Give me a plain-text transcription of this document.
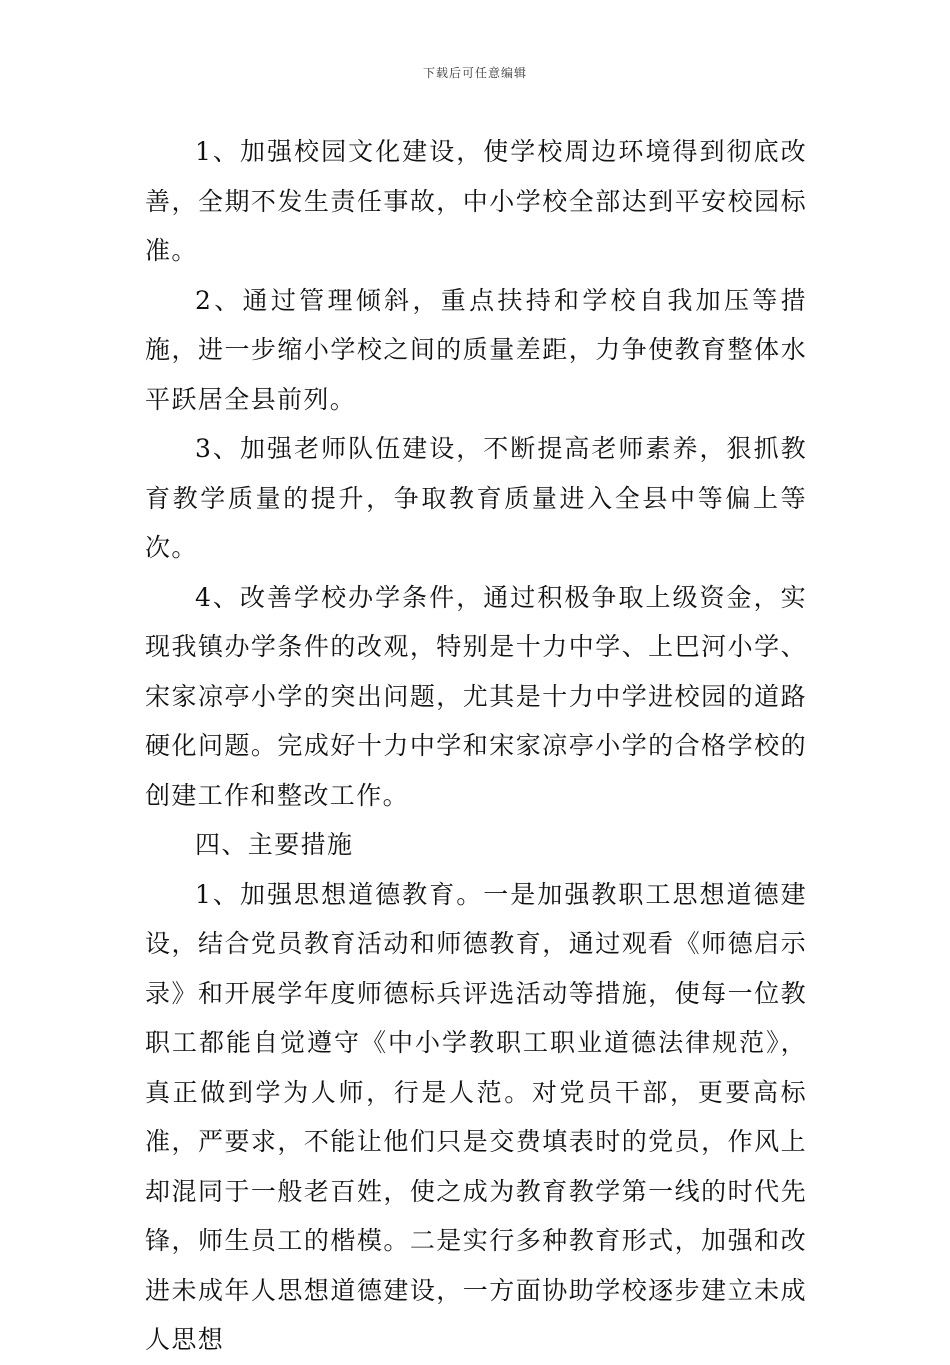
下载后可任意编辑

1、加强校园文化建设，使学校周边环境得到彻底改善，全期不发生责任事故，中小学校全部达到平安校园标准。

2、通过管理倾斜，重点扶持和学校自我加压等措施，进一步缩小学校之间的质量差距，力争使教育整体水平跃居全县前列。

3、加强老师队伍建设，不断提高老师素养，狠抓教育教学质量的提升，争取教育质量进入全县中等偏上等次。

4、改善学校办学条件，通过积极争取上级资金，实现我镇办学条件的改观，特别是十力中学、上巴河小学、宋家凉亭小学的突出问题，尤其是十力中学进校园的道路硬化问题。完成好十力中学和宋家凉亭小学的合格学校的创建工作和整改工作。

四、主要措施

1、加强思想道德教育。一是加强教职工思想道德建设，结合党员教育活动和师德教育，通过观看《师德启示录》和开展学年度师德标兵评选活动等措施，使每一位教职工都能自觉遵守《中小学教职工职业道德法律规范》，真正做到学为人师，行是人范。对党员干部，更要高标准，严要求，不能让他们只是交费填表时的党员，作风上却混同于一般老百姓，使之成为教育教学第一线的时代先锋，师生员工的楷模。二是实行多种教育形式，加强和改进未成年人思想道德建设，一方面协助学校逐步建立未成人思想
